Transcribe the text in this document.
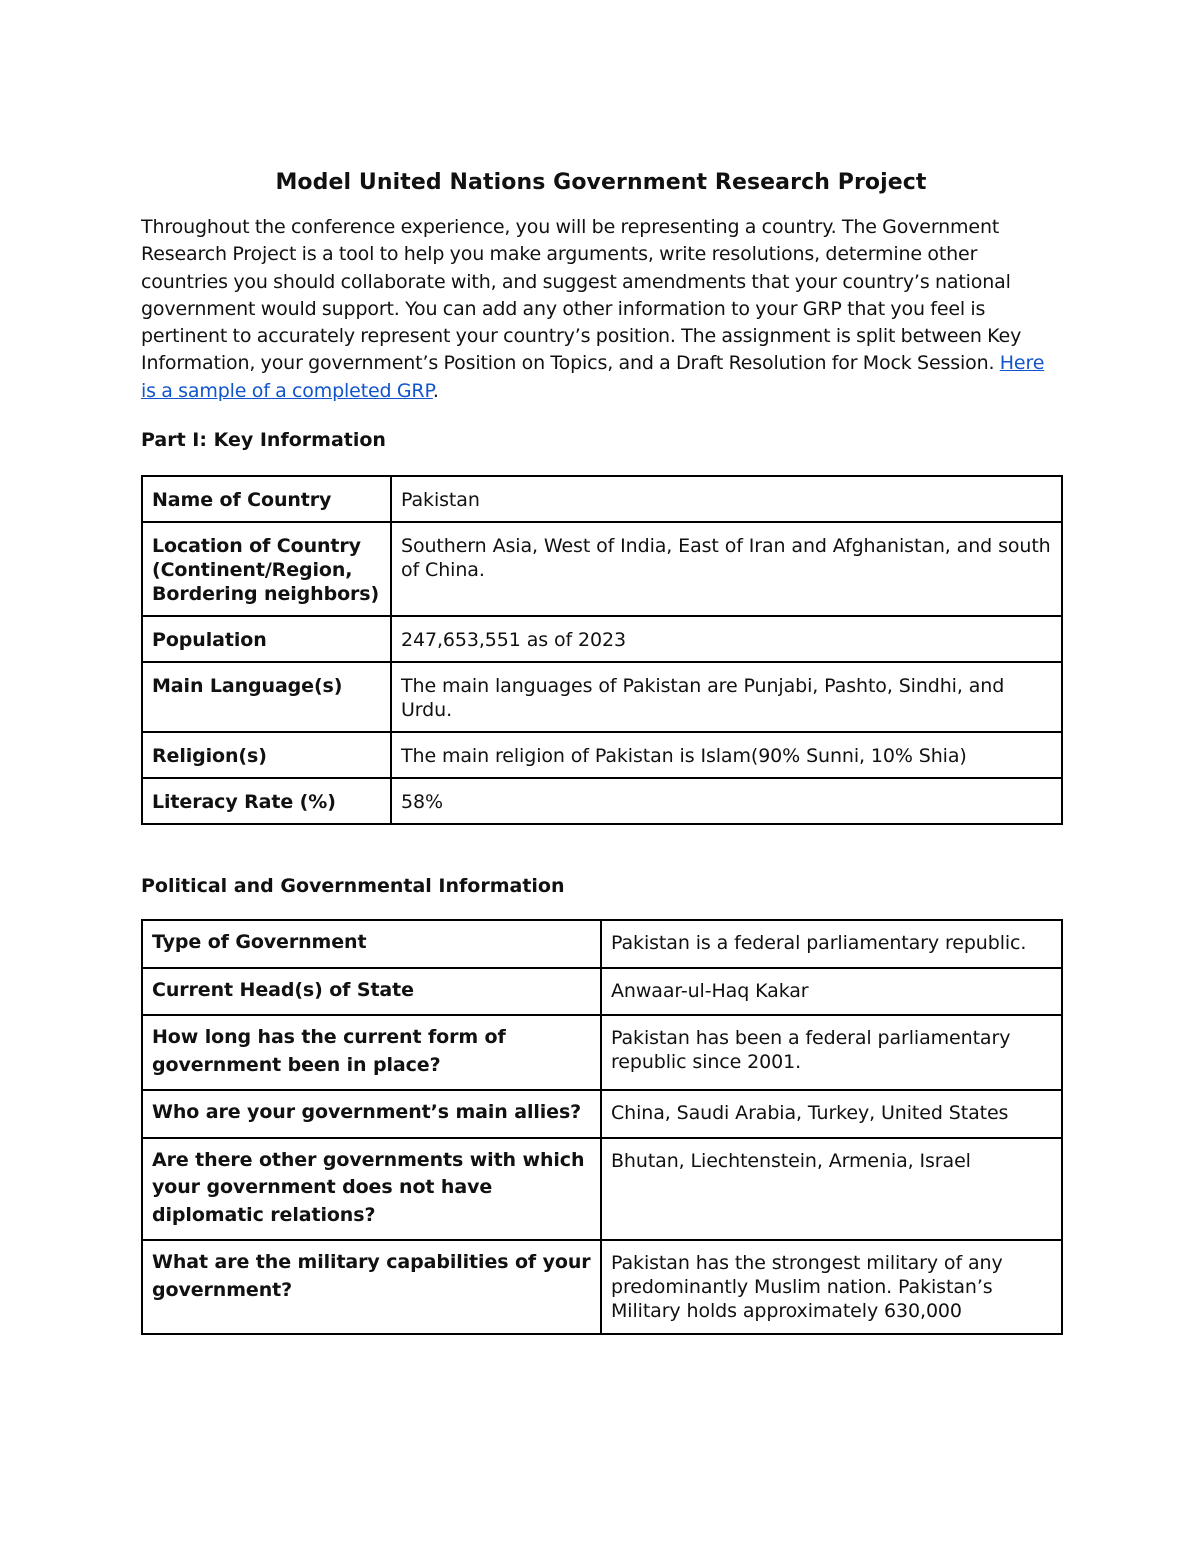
Model United Nations Government Research Project

Throughout the conference experience, you will be representing a country. The Government Research Project is a tool to help you make arguments, write resolutions, determine other countries you should collaborate with, and suggest amendments that your country’s national government would support. You can add any other information to your GRP that you feel is pertinent to accurately represent your country’s position. The assignment is split between Key Information, your government’s Position on Topics, and a Draft Resolution for Mock Session. Here is a sample of a completed GRP.

Part I: Key Information
Name of Country	Pakistan
Location of Country (Continent/Region, Bordering neighbors)	Southern Asia, West of India, East of Iran and Afghanistan, and south of China.
Population	247,653,551 as of 2023
Main Language(s)	The main languages of Pakistan are Punjabi, Pashto, Sindhi, and Urdu.
Religion(s)	The main religion of Pakistan is Islam(90% Sunni, 10% Shia)
Literacy Rate (%)	58%
Political and Governmental Information
Type of Government	Pakistan is a federal parliamentary republic.
Current Head(s) of State	Anwaar-ul-Haq Kakar
How long has the current form of government been in place?	Pakistan has been a federal parliamentary republic since 2001.
Who are your government’s main allies?	China, Saudi Arabia, Turkey, United States
Are there other governments with which your government does not have diplomatic relations?	Bhutan, Liechtenstein, Armenia, Israel
What are the military capabilities of your government?	Pakistan has the strongest military of any predominantly Muslim nation. Pakistan’s Military holds approximately 630,000
